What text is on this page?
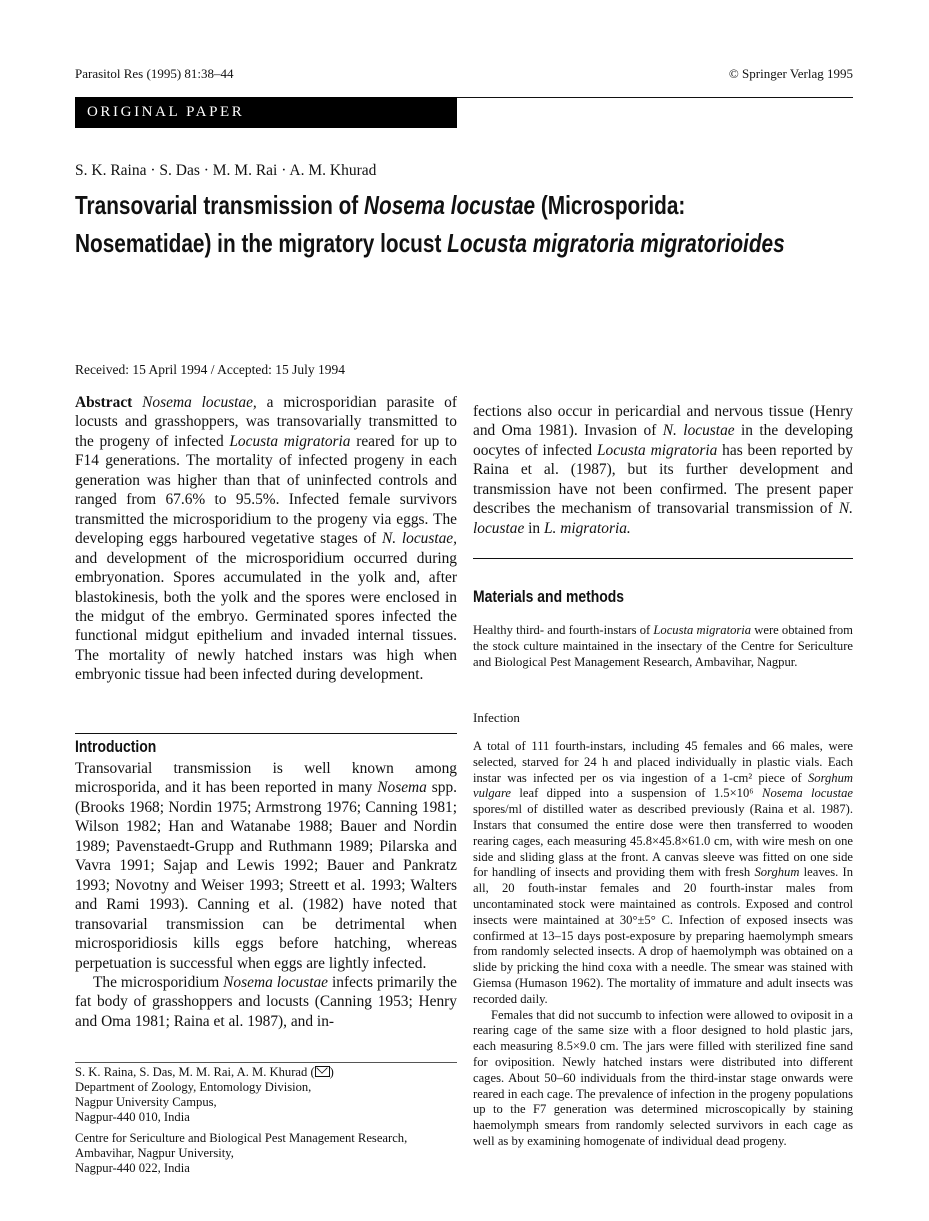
Parasitol Res (1995) 81:38–44	© Springer Verlag 1995
ORIGINAL PAPER
S. K. Raina · S. Das · M. M. Rai · A. M. Khurad
Transovarial transmission of Nosema locustae (Microsporida:
Nosematidae) in the migratory locust Locusta migratoria migratorioides
Received: 15 April 1994 / Accepted: 15 July 1994

Abstract Nosema locustae, a microsporidian parasite of locusts and grasshoppers, was transovarially transmitted to the progeny of infected Locusta migratoria reared for up to F14 generations. The mortality of infected progeny in each generation was higher than that of uninfected controls and ranged from 67.6% to 95.5%. Infected female survivors transmitted the microsporidium to the progeny via eggs. The developing eggs harboured vegetative stages of N. locustae, and development of the microsporidium occurred during embryonation. Spores accumulated in the yolk and, after blastokinesis, both the yolk and the spores were enclosed in the midgut of the embryo. Germinated spores infected the functional midgut epithelium and invaded internal tissues. The mortality of newly hatched instars was high when embryonic tissue had been infected during development.

Introduction

Transovarial transmission is well known among microsporida, and it has been reported in many Nosema spp. (Brooks 1968; Nordin 1975; Armstrong 1976; Canning 1981; Wilson 1982; Han and Watanabe 1988; Bauer and Nordin 1989; Pavenstaedt-Grupp and Ruthmann 1989; Pilarska and Vavra 1991; Sajap and Lewis 1992; Bauer and Pankratz 1993; Novotny and Weiser 1993; Streett et al. 1993; Walters and Rami 1993). Canning et al. (1982) have noted that transovarial transmission can be detrimental when microsporidiosis kills eggs before hatching, whereas perpetuation is successful when eggs are lightly infected.

The microsporidium Nosema locustae infects primarily the fat body of grasshoppers and locusts (Canning 1953; Henry and Oma 1981; Raina et al. 1987), and in-

S. K. Raina, S. Das, M. M. Rai, A. M. Khurad ( )
Department of Zoology, Entomology Division,
Nagpur University Campus,
Nagpur-440 010, India
Centre for Sericulture and Biological Pest Management Research,
Ambavihar, Nagpur University,
Nagpur-440 022, India

fections also occur in pericardial and nervous tissue (Henry and Oma 1981). Invasion of N. locustae in the developing oocytes of infected Locusta migratoria has been reported by Raina et al. (1987), but its further development and transmission have not been confirmed. The present paper describes the mechanism of transovarial transmission of N. locustae in L. migratoria.

Materials and methods

Healthy third- and fourth-instars of Locusta migratoria were obtained from the stock culture maintained in the insectary of the Centre for Sericulture and Biological Pest Management Research, Ambavihar, Nagpur.

Infection

A total of 111 fourth-instars, including 45 females and 66 males, were selected, starved for 24 h and placed individually in plastic vials. Each instar was infected per os via ingestion of a 1-cm² piece of Sorghum vulgare leaf dipped into a suspension of 1.5×10⁶ Nosema locustae spores/ml of distilled water as described previously (Raina et al. 1987). Instars that consumed the entire dose were then transferred to wooden rearing cages, each measuring 45.8×45.8×61.0 cm, with wire mesh on one side and sliding glass at the front. A canvas sleeve was fitted on one side for handling of insects and providing them with fresh Sorghum leaves. In all, 20 fouth-instar females and 20 fourth-instar males from uncontaminated stock were maintained as controls. Exposed and control insects were maintained at 30°±5° C. Infection of exposed insects was confirmed at 13–15 days post-exposure by preparing haemolymph smears from randomly selected insects. A drop of haemolymph was obtained on a slide by pricking the hind coxa with a needle. The smear was stained with Giemsa (Humason 1962). The mortality of immature and adult insects was recorded daily.

Females that did not succumb to infection were allowed to oviposit in a rearing cage of the same size with a floor designed to hold plastic jars, each measuring 8.5×9.0 cm. The jars were filled with sterilized fine sand for oviposition. Newly hatched instars were distributed into different cages. About 50–60 individuals from the third-instar stage onwards were reared in each cage. The prevalence of infection in the progeny populations up to the F7 generation was determined microscopically by staining haemolymph smears from randomly selected survivors in each cage as well as by examining homogenate of individual dead progeny.
